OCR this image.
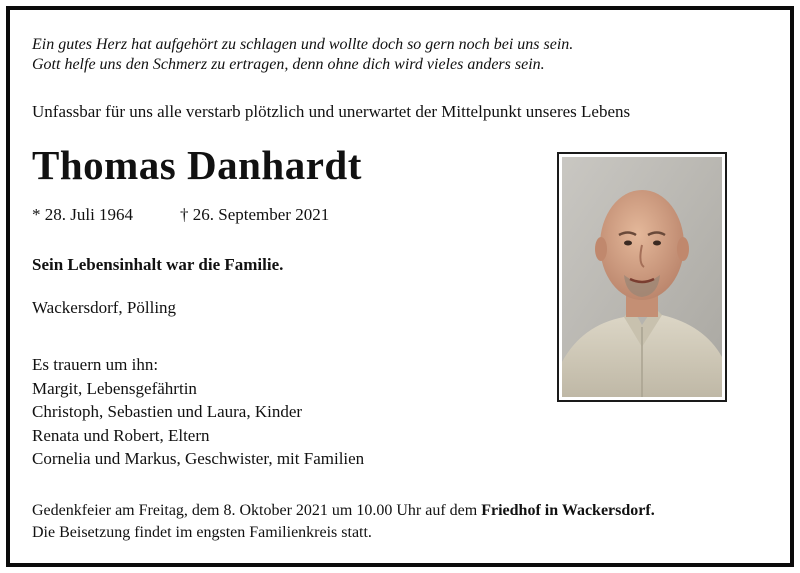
Ein gutes Herz hat aufgehört zu schlagen und wollte doch so gern noch bei uns sein.
Gott helfe uns den Schmerz zu ertragen, denn ohne dich wird vieles anders sein.
Unfassbar für uns alle verstarb plötzlich und unerwartet der Mittelpunkt unseres Lebens
Thomas Danhardt
* 28. Juli 1964	† 26. September 2021
Sein Lebensinhalt war die Familie.
Wackersdorf, Pölling
Es trauern um ihn:
Margit, Lebensgefährtin
Christoph, Sebastien und Laura, Kinder
Renata und Robert, Eltern
Cornelia und Markus, Geschwister, mit Familien
Gedenkfeier am Freitag, dem 8. Oktober 2021 um 10.00 Uhr auf dem Friedhof in Wackersdorf.
Die Beisetzung findet im engsten Familienkreis statt.
